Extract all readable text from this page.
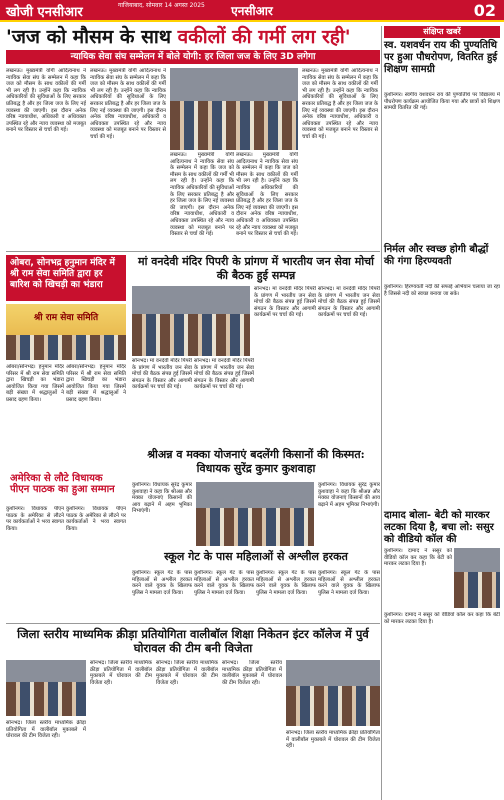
खोजी एनसीआर	गाजियाबाद, सोमवार 14 अगस्त 2025	एनसीआर	02
'जज को मौसम के साथ वकीलों की गर्मी लग रही'
न्यायिक सेवा संघ सम्मेलन में बोले योगी: हर जिला जज के लिए 3D लगेगा
लखनऊ। मुख्यमंत्री योगी आदित्यनाथ ने न्यायिक सेवा संघ के सम्मेलन में कहा कि जज को मौसम के साथ वकीलों की गर्मी भी लग रही है। उन्होंने कहा कि न्यायिक अधिकारियों की सुविधाओं के लिए सरकार प्रतिबद्ध है और हर जिला जज के लिए नई व्यवस्था की जाएगी। इस दौरान अनेक वरिष्ठ न्यायाधीश, अधिकारी व अधिवक्ता उपस्थित रहे और न्याय व्यवस्था को मजबूत बनाने पर विस्तार से चर्चा की गई।
लखनऊ। मुख्यमंत्री योगी आदित्यनाथ ने न्यायिक सेवा संघ के सम्मेलन में कहा कि जज को मौसम के साथ वकीलों की गर्मी भी लग रही है। उन्होंने कहा कि न्यायिक अधिकारियों की सुविधाओं के लिए सरकार प्रतिबद्ध है और हर जिला जज के लिए नई व्यवस्था की जाएगी। इस दौरान अनेक वरिष्ठ न्यायाधीश, अधिकारी व अधिवक्ता उपस्थित रहे और न्याय व्यवस्था को मजबूत बनाने पर विस्तार से चर्चा की गई।
लखनऊ। मुख्यमंत्री योगी आदित्यनाथ ने न्यायिक सेवा संघ के सम्मेलन में कहा कि जज को मौसम के साथ वकीलों की गर्मी भी लग रही है। उन्होंने कहा कि न्यायिक अधिकारियों की सुविधाओं के लिए सरकार प्रतिबद्ध है और हर जिला जज के लिए नई व्यवस्था की जाएगी। इस दौरान अनेक वरिष्ठ न्यायाधीश, अधिकारी व अधिवक्ता उपस्थित रहे और न्याय व्यवस्था को मजबूत बनाने पर विस्तार से चर्चा की गई।
लखनऊ। मुख्यमंत्री योगी आदित्यनाथ ने न्यायिक सेवा संघ के सम्मेलन में कहा कि जज को मौसम के साथ वकीलों की गर्मी भी लग रही है। उन्होंने कहा कि न्यायिक अधिकारियों की सुविधाओं के लिए सरकार प्रतिबद्ध है और हर जिला जज के लिए नई व्यवस्था की जाएगी। इस दौरान अनेक वरिष्ठ न्यायाधीश, अधिकारी व अधिवक्ता उपस्थित रहे और न्याय व्यवस्था को मजबूत बनाने पर विस्तार से चर्चा की गई।
लखनऊ। मुख्यमंत्री योगी आदित्यनाथ ने न्यायिक सेवा संघ के सम्मेलन में कहा कि जज को मौसम के साथ वकीलों की गर्मी भी लग रही है। उन्होंने कहा कि न्यायिक अधिकारियों की सुविधाओं के लिए सरकार प्रतिबद्ध है और हर जिला जज के लिए नई व्यवस्था की जाएगी। इस दौरान अनेक वरिष्ठ न्यायाधीश, अधिकारी व अधिवक्ता उपस्थित रहे और न्याय व्यवस्था को मजबूत बनाने पर विस्तार से चर्चा की गई।
ओबरा, सोनभद्र हनुमान मंदिर में श्री राम सेवा समिति द्वारा हर बारिश को खिचड़ी का भंडारा
श्री राम सेवा समिति
ओबरा/सोनभद्र। हनुमान मंदिर परिसर में श्री राम सेवा समिति द्वारा खिचड़ी का भंडारा आयोजित किया गया जिसमें बड़ी संख्या में श्रद्धालुओं ने प्रसाद ग्रहण किया।
ओबरा/सोनभद्र। हनुमान मंदिर परिसर में श्री राम सेवा समिति द्वारा खिचड़ी का भंडारा आयोजित किया गया जिसमें बड़ी संख्या में श्रद्धालुओं ने प्रसाद ग्रहण किया।
मां वनदेवी मंदिर पिपरी के प्रांगण में भारतीय जन सेवा मोर्चा की बैठक हुई सम्पन्न
सोनभद्र। मां वनदेवी मंदिर पिपरी के प्रांगण में भारतीय जन सेवा मोर्चा की बैठक संपन्न हुई जिसमें संगठन के विस्तार और आगामी कार्यक्रमों पर चर्चा की गई।
सोनभद्र। मां वनदेवी मंदिर पिपरी के प्रांगण में भारतीय जन सेवा मोर्चा की बैठक संपन्न हुई जिसमें संगठन के विस्तार और आगामी कार्यक्रमों पर चर्चा की गई।
सोनभद्र। मां वनदेवी मंदिर पिपरी के प्रांगण में भारतीय जन सेवा मोर्चा की बैठक संपन्न हुई जिसमें संगठन के विस्तार और आगामी कार्यक्रमों पर चर्चा की गई।
सोनभद्र। मां वनदेवी मंदिर पिपरी के प्रांगण में भारतीय जन सेवा मोर्चा की बैठक संपन्न हुई जिसमें संगठन के विस्तार और आगामी कार्यक्रमों पर चर्चा की गई।
श्रीअन्न व मक्का योजनाएं बदलेंगी किसानों की किस्मत: विधायक सुरेंद्र कुमार कुशवाहा
कुशीनगर। विधायक सुरेंद्र कुमार कुशवाहा ने कहा कि श्रीअन्न और मक्का योजनाएं किसानों की आय बढ़ाने में अहम भूमिका निभाएंगी।
कुशीनगर। विधायक सुरेंद्र कुमार कुशवाहा ने कहा कि श्रीअन्न और मक्का योजनाएं किसानों की आय बढ़ाने में अहम भूमिका निभाएंगी।
अमेरिका से लौटे विधायक पीएन पाठक का हुआ सम्मान
कुशीनगर। विधायक पीएन पाठक के अमेरिका से लौटने पर कार्यकर्ताओं ने भव्य स्वागत किया।
कुशीनगर। विधायक पीएन पाठक के अमेरिका से लौटने पर कार्यकर्ताओं ने भव्य स्वागत किया।
स्कूल गेट के पास महिलाओं से अश्लील हरकत
कुशीनगर। स्कूल गेट के पास महिलाओं से अश्लील हरकत करने वाले युवक के खिलाफ पुलिस ने मामला दर्ज किया।
कुशीनगर। स्कूल गेट के पास महिलाओं से अश्लील हरकत करने वाले युवक के खिलाफ पुलिस ने मामला दर्ज किया।
कुशीनगर। स्कूल गेट के पास महिलाओं से अश्लील हरकत करने वाले युवक के खिलाफ पुलिस ने मामला दर्ज किया।
कुशीनगर। स्कूल गेट के पास महिलाओं से अश्लील हरकत करने वाले युवक के खिलाफ पुलिस ने मामला दर्ज किया।
जिला स्तरीय माध्यमिक क्रीड़ा प्रतियोगिता वालीबॉल शिक्षा निकेतन इंटर कॉलेज में पुर्व घोरावल की टीम बनी विजेता
सोनभद्र। जिला स्तरीय माध्यमिक क्रीड़ा प्रतियोगिता में वालीबॉल मुकाबले में घोरावल की टीम विजेता रही।
सोनभद्र। जिला स्तरीय माध्यमिक क्रीड़ा प्रतियोगिता में वालीबॉल मुकाबले में घोरावल की टीम विजेता रही।
सोनभद्र। जिला स्तरीय माध्यमिक क्रीड़ा प्रतियोगिता में वालीबॉल मुकाबले में घोरावल की टीम विजेता रही।
सोनभद्र। जिला स्तरीय माध्यमिक क्रीड़ा प्रतियोगिता में वालीबॉल मुकाबले में घोरावल की टीम विजेता रही।
सोनभद्र। जिला स्तरीय माध्यमिक क्रीड़ा प्रतियोगिता में वालीबॉल मुकाबले में घोरावल की टीम विजेता रही।
संक्षिप्त खबरें
स्व. यशवर्धन राय की पुण्यतिथि पर हुआ पौधरोपण, वितरित हुई शिक्षण सामग्री
कुशीनगर। स्वर्गीय यशवर्धन राय की पुण्यतिथि पर विद्यालय में पौधरोपण कार्यक्रम आयोजित किया गया और छात्रों को शिक्षण सामग्री वितरित की गई।
निर्मल और स्वच्छ होगी बौद्धों की गंगा हिरण्यवती
कुशीनगर। हिरण्यवती नदी की सफाई अभियान चलाया जा रहा है जिससे नदी को स्वच्छ बनाया जा सके।
दामाद बोला- बेटी को मारकर लटका दिया है, बचा लो: ससुर को वीडियो कॉल की
कुशीनगर। दामाद ने ससुर को वीडियो कॉल कर कहा कि बेटी को मारकर लटका दिया है।
कुशीनगर। दामाद ने ससुर को वीडियो कॉल कर कहा कि बेटी को मारकर लटका दिया है।
